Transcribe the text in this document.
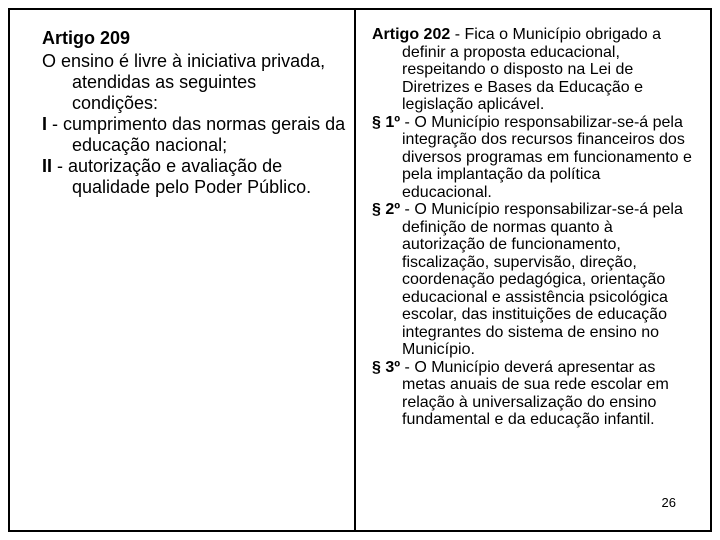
Artigo 209

O ensino é livre à iniciativa privada, atendidas as seguintes condições:

I - cumprimento das normas gerais da educação nacional;

II - autorização e avaliação de qualidade pelo Poder Público.

Artigo 202 - Fica o Município obrigado a definir a proposta educacional, respeitando o disposto na Lei de Diretrizes e Bases da Educação e legislação aplicável.

§ 1º - O Município responsabilizar-se-á pela integração dos recursos financeiros dos diversos programas em funcionamento e pela implantação da política educacional.

§ 2º - O Município responsabilizar-se-á pela definição de normas quanto à autorização de funcionamento, fiscalização, supervisão, direção, coordenação pedagógica, orientação educacional e assistência psicológica escolar, das instituições de educação integrantes do sistema de ensino no Município.

§ 3º - O Município deverá apresentar as metas anuais de sua rede escolar em relação à universalização do ensino fundamental e da educação infantil.

26
